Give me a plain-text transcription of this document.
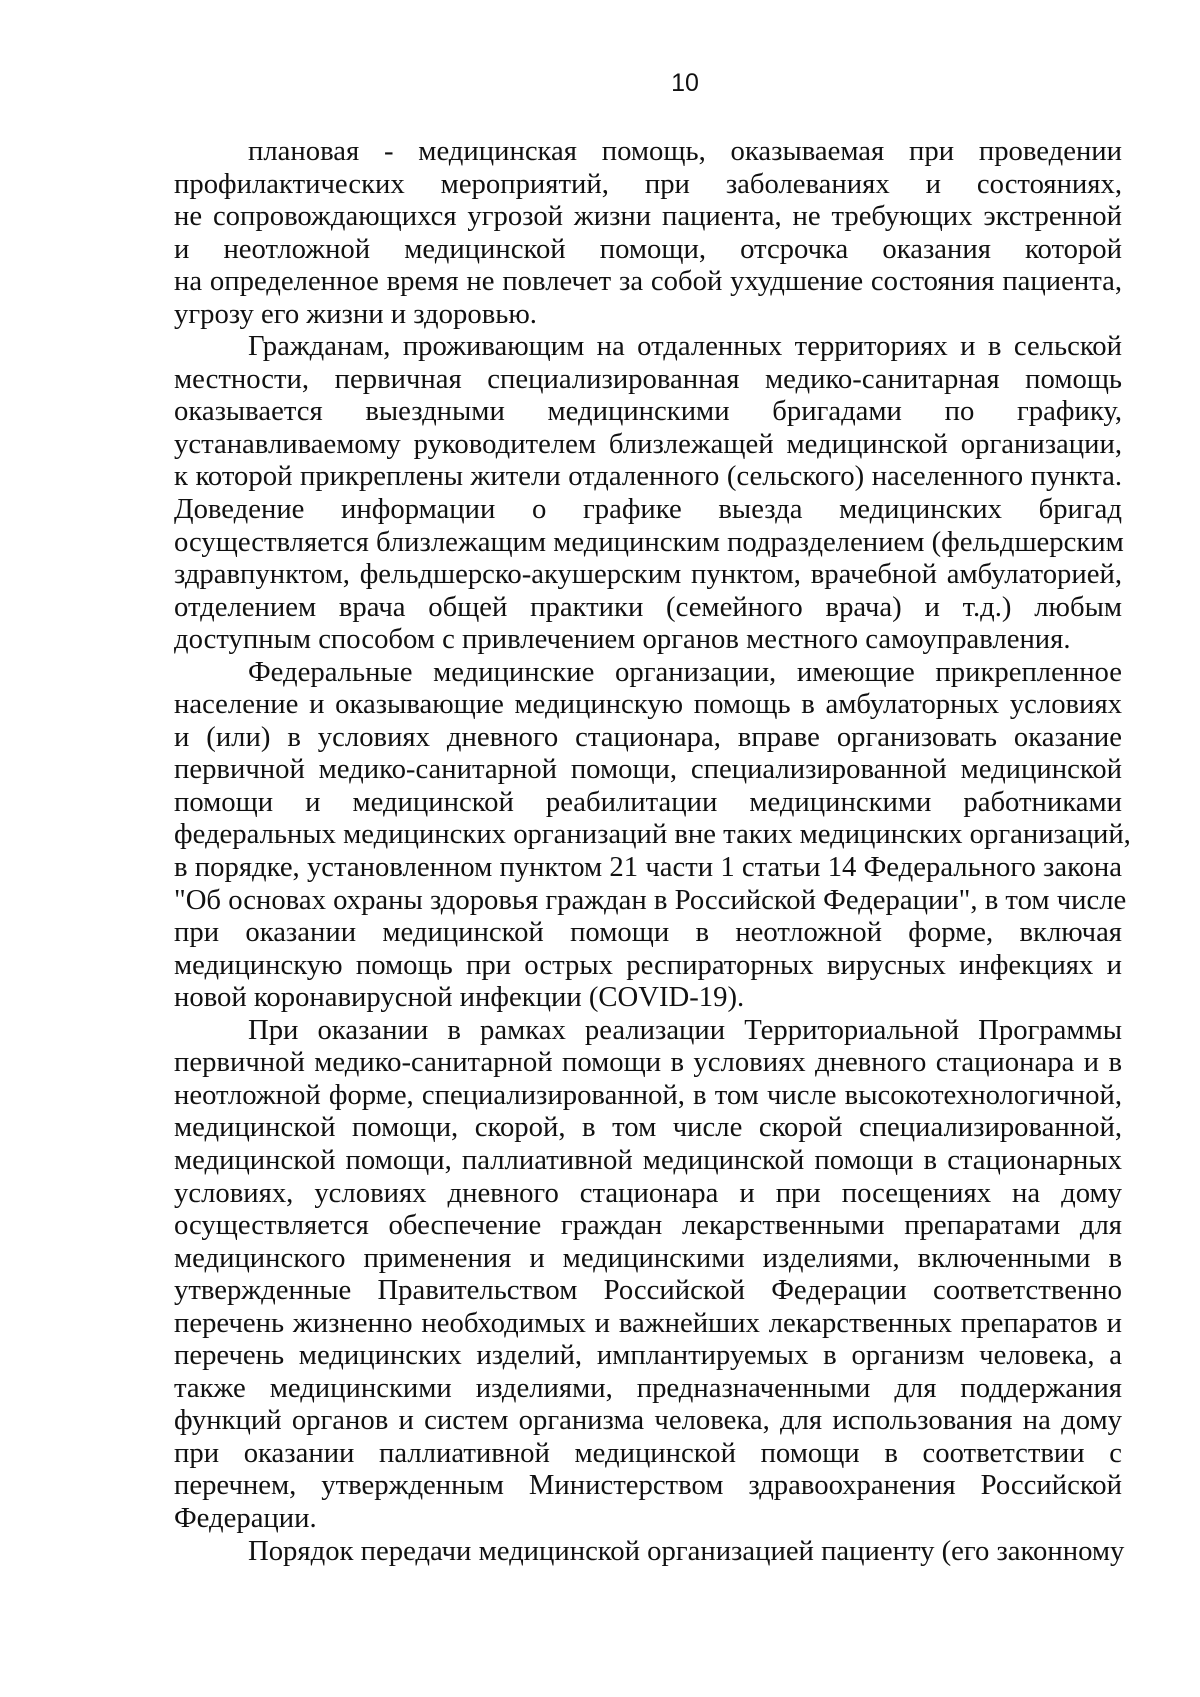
10
плановая - медицинская помощь, оказываемая при проведении
профилактических мероприятий, при заболеваниях и состояниях,
не сопровождающихся угрозой жизни пациента, не требующих экстренной
и неотложной медицинской помощи, отсрочка оказания которой
на определенное время не повлечет за собой ухудшение состояния пациента,
угрозу его жизни и здоровью.
Гражданам, проживающим на отдаленных территориях и в сельской
местности, первичная специализированная медико-санитарная помощь
оказывается выездными медицинскими бригадами по графику,
устанавливаемому руководителем близлежащей медицинской организации,
к которой прикреплены жители отдаленного (сельского) населенного пункта.
Доведение информации о графике выезда медицинских бригад
осуществляется близлежащим медицинским подразделением (фельдшерским
здравпунктом, фельдшерско-акушерским пунктом, врачебной амбулаторией,
отделением врача общей практики (семейного врача) и т.д.) любым
доступным способом с привлечением органов местного самоуправления.
Федеральные медицинские организации, имеющие прикрепленное
население и оказывающие медицинскую помощь в амбулаторных условиях
и (или) в условиях дневного стационара, вправе организовать оказание
первичной медико-санитарной помощи, специализированной медицинской
помощи и медицинской реабилитации медицинскими работниками
федеральных медицинских организаций вне таких медицинских организаций,
в порядке, установленном пунктом 21 части 1 статьи 14 Федерального закона
"Об основах охраны здоровья граждан в Российской Федерации", в том числе
при оказании медицинской помощи в неотложной форме, включая
медицинскую помощь при острых респираторных вирусных инфекциях и
новой коронавирусной инфекции (COVID-19).
При оказании в рамках реализации Территориальной Программы
первичной медико-санитарной помощи в условиях дневного стационара и в
неотложной форме, специализированной, в том числе высокотехнологичной,
медицинской помощи, скорой, в том числе скорой специализированной,
медицинской помощи, паллиативной медицинской помощи в стационарных
условиях, условиях дневного стационара и при посещениях на дому
осуществляется обеспечение граждан лекарственными препаратами для
медицинского применения и медицинскими изделиями, включенными в
утвержденные Правительством Российской Федерации соответственно
перечень жизненно необходимых и важнейших лекарственных препаратов и
перечень медицинских изделий, имплантируемых в организм человека, а
также медицинскими изделиями, предназначенными для поддержания
функций органов и систем организма человека, для использования на дому
при оказании паллиативной медицинской помощи в соответствии с
перечнем, утвержденным Министерством здравоохранения Российской
Федерации.
Порядок передачи медицинской организацией пациенту (его законному
